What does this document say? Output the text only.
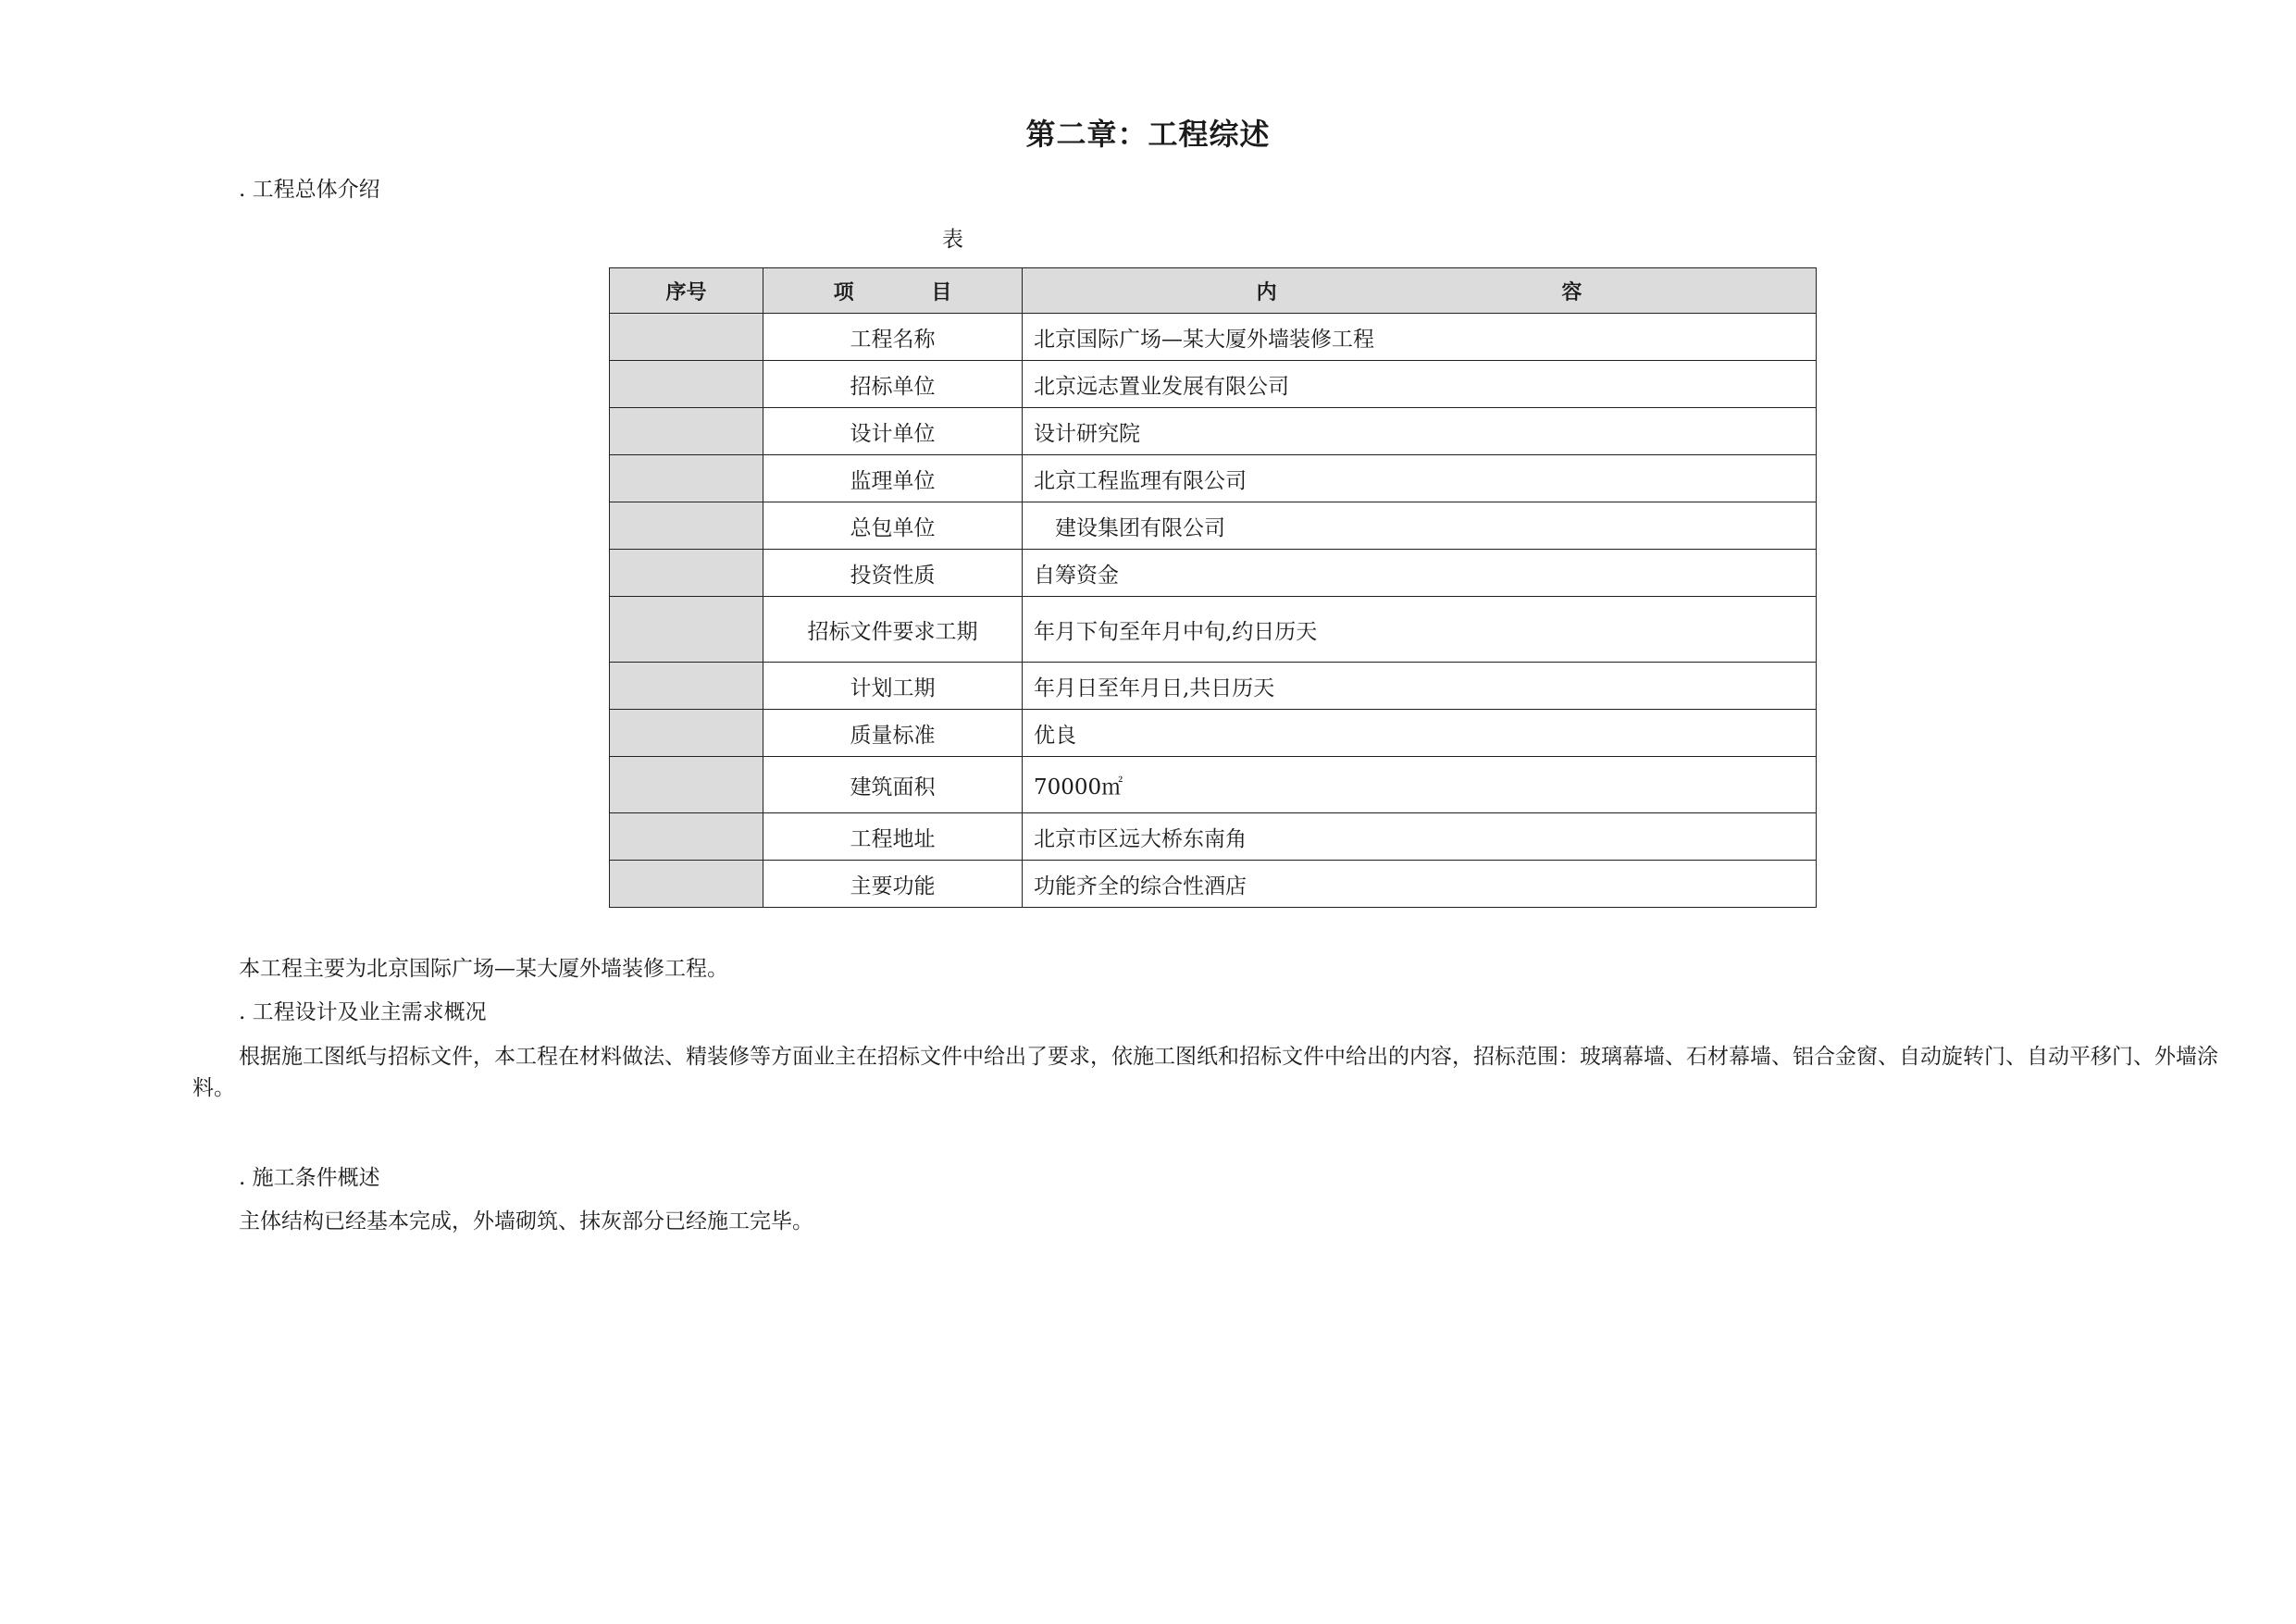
第二章：工程综述
. 工程总体介绍
表
序号	项 目	内 容
	工程名称	北京国际广场—某大厦外墙装修工程
	招标单位	北京远志置业发展有限公司
	设计单位	设计研究院
	监理单位	北京工程监理有限公司
	总包单位	　建设集团有限公司
	投资性质	自筹资金
	招标文件要求工期	年月下旬至年月中旬,约日历天
	计划工期	年月日至年月日,共日历天
	质量标准	优良
	建筑面积	70000㎡
	工程地址	北京市区远大桥东南角
	主要功能	功能齐全的综合性酒店
本工程主要为北京国际广场—某大厦外墙装修工程。
. 工程设计及业主需求概况
根据施工图纸与招标文件，本工程在材料做法、精装修等方面业主在招标文件中给出了要求，依施工图纸和招标文件中给出的内容，招标范围：玻璃幕墙、石材幕墙、铝合金窗、自动旋转门、自动平移门、外墙涂料。
. 施工条件概述
主体结构已经基本完成，外墙砌筑、抹灰部分已经施工完毕。
